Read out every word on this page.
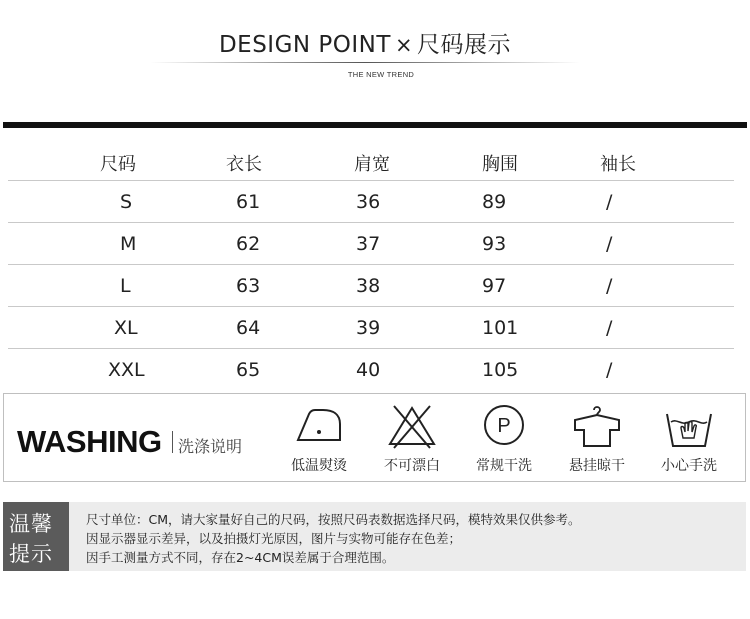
DESIGN POINT × 尺码展示
THE NEW TREND
尺码	衣长	肩宽	胸围	袖长
S	61	36	89	/
M	62	37	93	/
L	63	38	97	/
XL	64	39	101	/
XXL	65	40	105	/
WASHING 洗涤说明
低温熨烫	不可漂白
P
常规干洗	悬挂晾干	小心手洗
温馨
提示
尺寸单位：CM，请大家量好自己的尺码，按照尺码表数据选择尺码，模特效果仅供参考。
因显示器显示差异，以及拍摄灯光原因，图片与实物可能存在色差；
因手工测量方式不同，存在2~4CM误差属于合理范围。
